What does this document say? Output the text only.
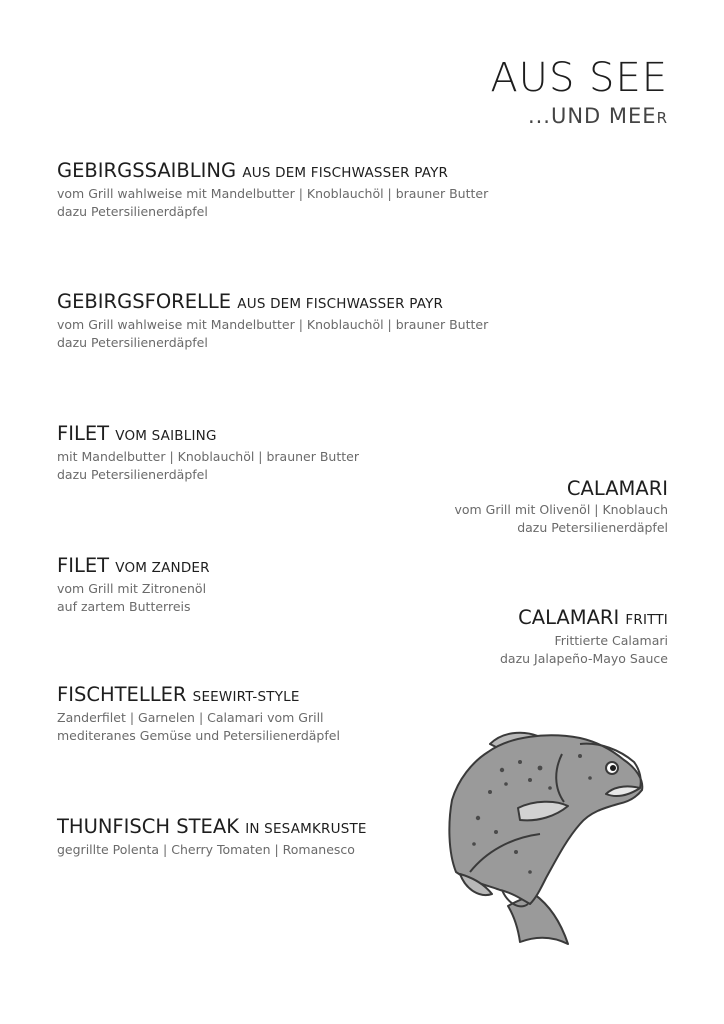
AUS SEE
...UND MEER
GEBIRGSSAIBLING AUS DEM FISCHWASSER PAYR
vom Grill wahlweise mit Mandelbutter | Knoblauchöl | brauner Butter
dazu Petersilienerdäpfel
GEBIRGSFORELLE AUS DEM FISCHWASSER PAYR
vom Grill wahlweise mit Mandelbutter | Knoblauchöl | brauner Butter
dazu Petersilienerdäpfel
FILET VOM SAIBLING
mit Mandelbutter | Knoblauchöl | brauner Butter
dazu Petersilienerdäpfel
CALAMARI
vom Grill mit Olivenöl | Knoblauch
dazu Petersilienerdäpfel
FILET VOM ZANDER
vom Grill mit Zitronenöl
auf zartem Butterreis	CALAMARI FRITTI
Frittierte Calamari
dazu Jalapeño-Mayo Sauce
FISCHTELLER SEEWIRT-STYLE
Zanderfilet | Garnelen | Calamari vom Grill
mediteranes Gemüse und Petersilienerdäpfel
THUNFISCH STEAK IN SESAMKRUSTE
gegrillte Polenta | Cherry Tomaten | Romanesco
